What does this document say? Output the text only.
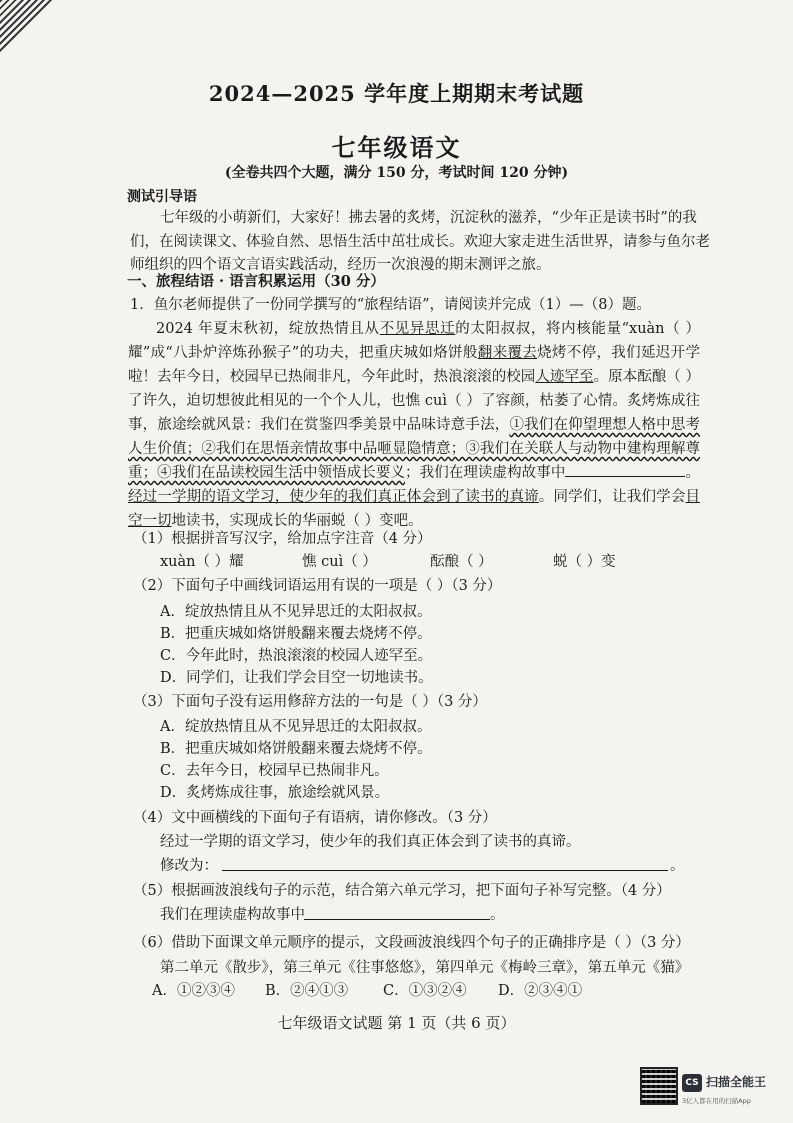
2024—2025 学年度上期期末考试题
七年级语文
(全卷共四个大题，满分 150 分，考试时间 120 分钟)
测试引导语
七年级的小萌新们，大家好！拂去暑的炙烤，沉淀秋的滋养，“少年正是读书时”的我们，在阅读课文、体验自然、思悟生活中茁壮成长。欢迎大家走进生活世界，请参与鱼尔老师组织的四个语文言语实践活动，经历一次浪漫的期末测评之旅。
一、旅程结语 · 语言积累运用（30 分）
1．鱼尔老师提供了一份同学撰写的“旅程结语”，请阅读并完成（1）—（8）题。

2024 年夏末秋初，绽放热情且从不见异思迁的太阳叔叔，将内核能量“xuàn（ ）耀”成“八卦炉淬炼孙猴子”的功夫，把重庆城如烙饼般翻来覆去烧烤不停，我们延迟开学啦！去年今日，校园早已热闹非凡，今年此时，热浪滚滚的校园人迹罕至。原本酝酿（ ）了许久，迫切想彼此相见的一个个人儿，也憔 cuì（ ）了容颜，枯萎了心情。炙烤炼成往事，旅途绘就风景：我们在赏鉴四季美景中品味诗意手法，①我们在仰望理想人格中思考人生价值；②我们在思悟亲情故事中品咂显隐情意；③我们在关联人与动物中建构理解尊重；④我们在品读校园生活中领悟成长要义；我们在理读虚构故事中	。经过一学期的语文学习，使少年的我们真正体会到了读书的真谛。同学们，让我们学会目空一切地读书，实现成长的华丽蜕（ ）变吧。

（1）根据拼音写汉字，给加点字注音（4 分）
xuàn（ ）耀	憔 cuì（ ）	酝酿（ ）	蜕（ ）变
（2）下面句子中画线词语运用有误的一项是（ ）（3 分）
A．绽放热情且从不见异思迁的太阳叔叔。
B．把重庆城如烙饼般翻来覆去烧烤不停。
C．今年此时，热浪滚滚的校园人迹罕至。
D．同学们，让我们学会目空一切地读书。
（3）下面句子没有运用修辞方法的一句是（ ）（3 分）
A．绽放热情且从不见异思迁的太阳叔叔。
B．把重庆城如烙饼般翻来覆去烧烤不停。
C．去年今日，校园早已热闹非凡。
D．炙烤炼成往事，旅途绘就风景。
（4）文中画横线的下面句子有语病，请你修改。（3 分）
经过一学期的语文学习，使少年的我们真正体会到了读书的真谛。
修改为：	。
（5）根据画波浪线句子的示范，结合第六单元学习，把下面句子补写完整。（4 分）
我们在理读虚构故事中	。
（6）借助下面课文单元顺序的提示，文段画波浪线四个句子的正确排序是（ ）（3 分）
第二单元《散步》，第三单元《往事悠悠》，第四单元《梅岭三章》，第五单元《猫》
A．①②③④ B．②④①③ C．①③②④ D．②③④①
七年级语文试题 第 1 页（共 6 页）
CS 扫描全能王
3亿人都在用的扫描App
